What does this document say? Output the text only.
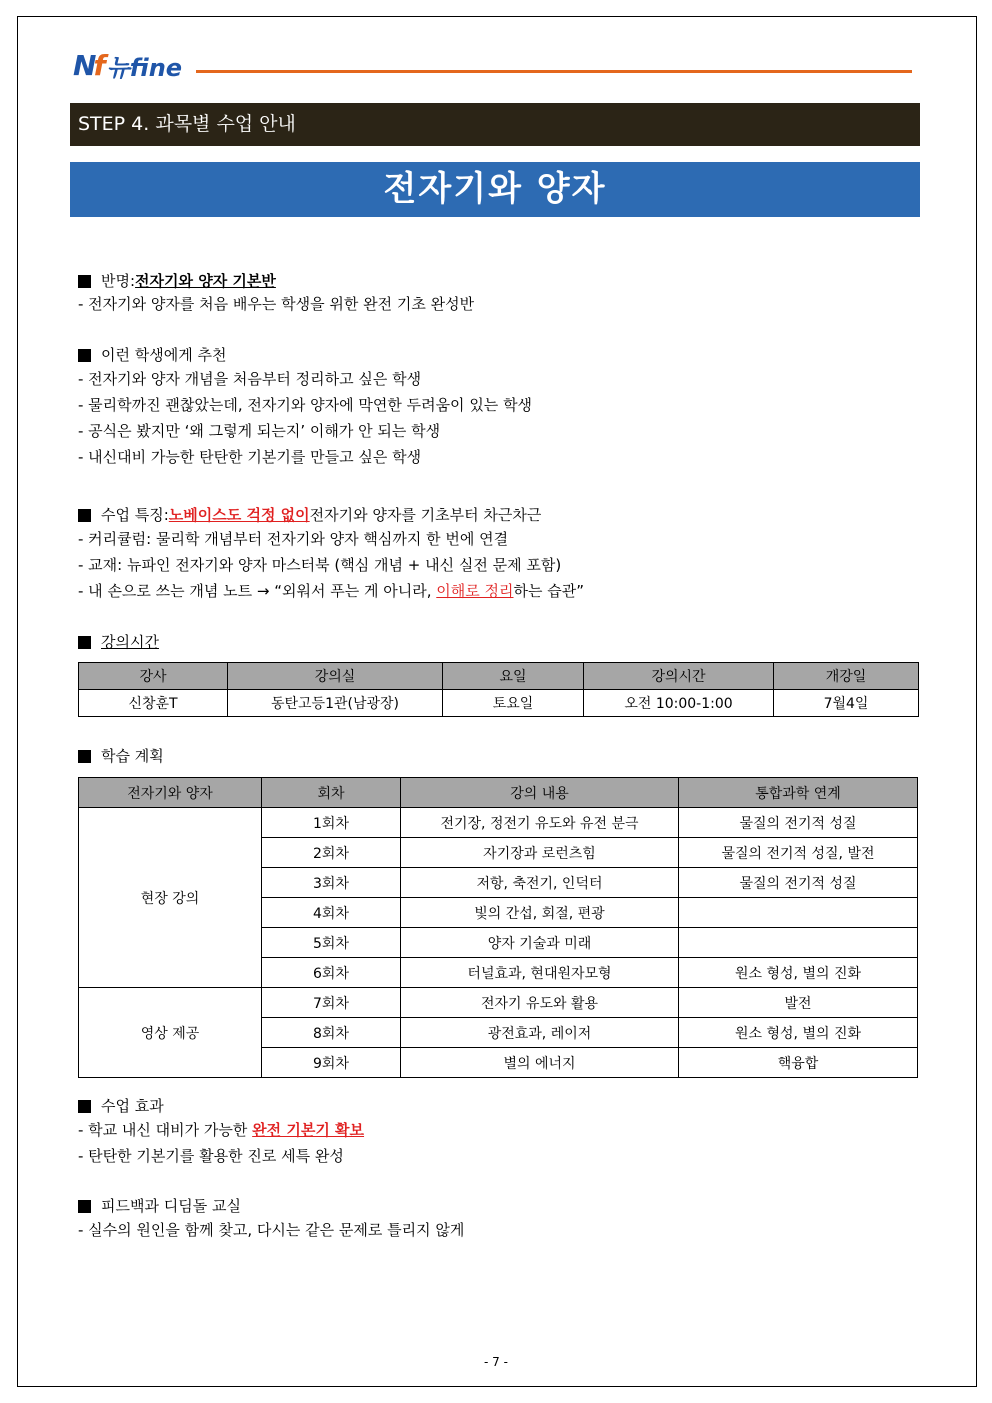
Nf 뉴fine
STEP 4. 과목별 수업 안내
전자기와 양자
반명: 전자기와 양자 기본반
- 전자기와 양자를 처음 배우는 학생을 위한 완전 기초 완성반
이런 학생에게 추천
- 전자기와 양자 개념을 처음부터 정리하고 싶은 학생
- 물리학까진 괜찮았는데, 전자기와 양자에 막연한 두려움이 있는 학생
- 공식은 봤지만 ‘왜 그렇게 되는지’ 이해가 안 되는 학생
- 내신대비 가능한 탄탄한 기본기를 만들고 싶은 학생
수업 특징: 노베이스도 걱정 없이 전자기와 양자를 기초부터 차근차근
- 커리큘럼: 물리학 개념부터 전자기와 양자 핵심까지 한 번에 연결
- 교재: 뉴파인 전자기와 양자 마스터북 (핵심 개념 + 내신 실전 문제 포함)
- 내 손으로 쓰는 개념 노트 → “외워서 푸는 게 아니라, 이해로 정리하는 습관”
강의시간
강사	강의실	요일	강의시간	개강일
신창훈T	동탄고등1관(남광장)	토요일	오전 10:00-1:00	7월4일
학습 계획
전자기와 양자	회차	강의 내용	통합과학 연계
현장 강의	1회차	전기장, 정전기 유도와 유전 분극	물질의 전기적 성질
	2회차	자기장과 로런츠힘	물질의 전기적 성질, 발전
	3회차	저항, 축전기, 인덕터	물질의 전기적 성질
	4회차	빛의 간섭, 회절, 편광	
	5회차	양자 기술과 미래	
	6회차	터널효과, 현대원자모형	원소 형성, 별의 진화
영상 제공	7회차	전자기 유도와 활용	발전
	8회차	광전효과, 레이저	원소 형성, 별의 진화
	9회차	별의 에너지	핵융합
수업 효과
- 학교 내신 대비가 가능한 완전 기본기 확보
- 탄탄한 기본기를 활용한 진로 세특 완성
피드백과 디딤돌 교실
- 실수의 원인을 함께 찾고, 다시는 같은 문제로 틀리지 않게
- 7 -
